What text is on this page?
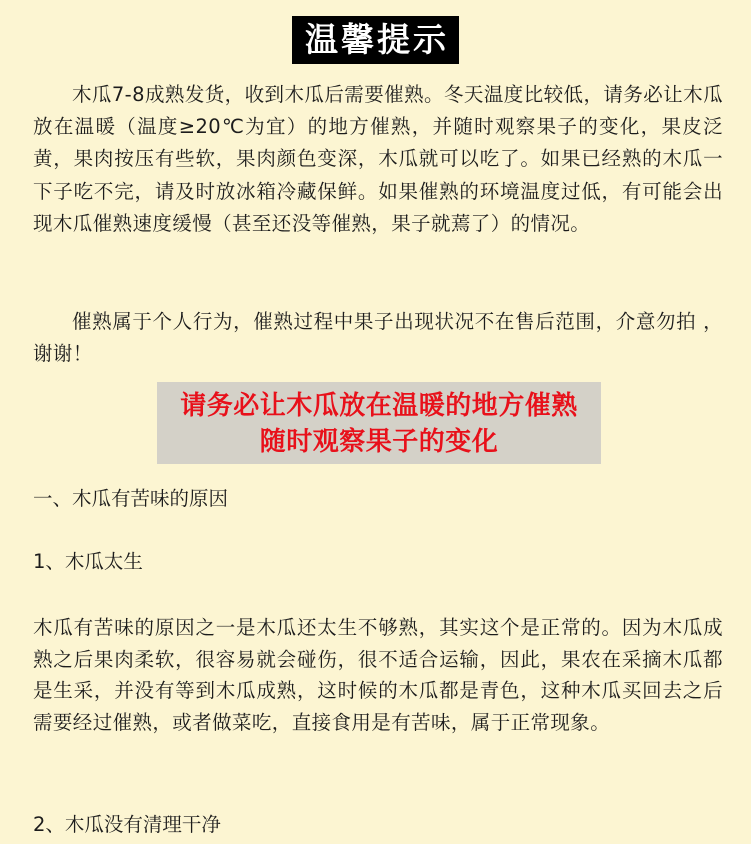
温馨提示

木瓜7-8成熟发货，收到木瓜后需要催熟。冬天温度比较低，请务必让木瓜放在温暖（温度≥20℃为宜）的地方催熟，并随时观察果子的变化，果皮泛黄，果肉按压有些软，果肉颜色变深，木瓜就可以吃了。如果已经熟的木瓜一下子吃不完，请及时放冰箱冷藏保鲜。如果催熟的环境温度过低，有可能会出现木瓜催熟速度缓慢（甚至还没等催熟，果子就蔫了）的情况。

催熟属于个人行为，催熟过程中果子出现状况不在售后范围，介意勿拍 ，谢谢！

请务必让木瓜放在温暖的地方催熟
随时观察果子的变化

一、木瓜有苦味的原因

1、木瓜太生

木瓜有苦味的原因之一是木瓜还太生不够熟，其实这个是正常的。因为木瓜成熟之后果肉柔软，很容易就会碰伤，很不适合运输，因此，果农在采摘木瓜都是生采，并没有等到木瓜成熟，这时候的木瓜都是青色，这种木瓜买回去之后需要经过催熟，或者做菜吃，直接食用是有苦味，属于正常现象。

2、木瓜没有清理干净
